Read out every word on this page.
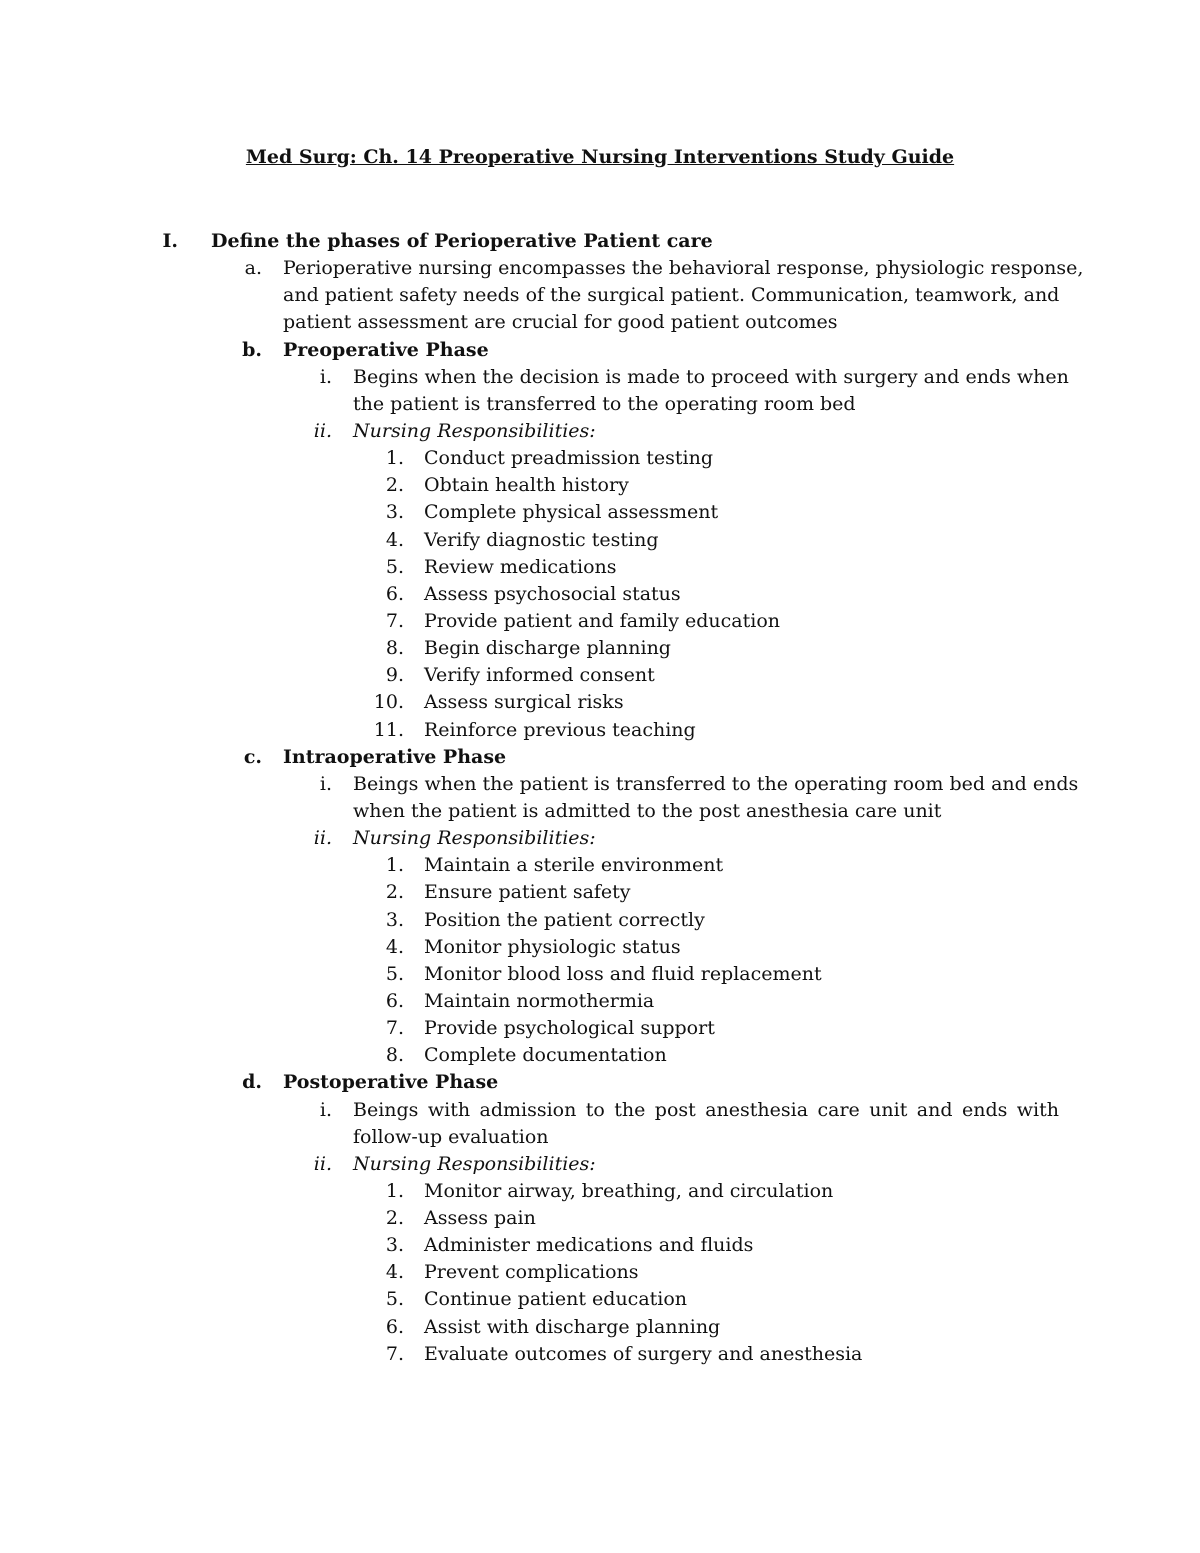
Med Surg: Ch. 14 Preoperative Nursing Interventions Study Guide
I. Define the phases of Perioperative Patient care
a. Perioperative nursing encompasses the behavioral response, physiologic response,
and patient safety needs of the surgical patient. Communication, teamwork, and
patient assessment are crucial for good patient outcomes
b. Preoperative Phase
i. Begins when the decision is made to proceed with surgery and ends when
the patient is transferred to the operating room bed
ii. Nursing Responsibilities:
1. Conduct preadmission testing
2. Obtain health history
3. Complete physical assessment
4. Verify diagnostic testing
5. Review medications
6. Assess psychosocial status
7. Provide patient and family education
8. Begin discharge planning
9. Verify informed consent
10. Assess surgical risks
11. Reinforce previous teaching
c. Intraoperative Phase
i. Beings when the patient is transferred to the operating room bed and ends
when the patient is admitted to the post anesthesia care unit
ii. Nursing Responsibilities:
1. Maintain a sterile environment
2. Ensure patient safety
3. Position the patient correctly
4. Monitor physiologic status
5. Monitor blood loss and fluid replacement
6. Maintain normothermia
7. Provide psychological support
8. Complete documentation
d. Postoperative Phase
i. Beings with admission to the post anesthesia care unit and ends with
follow-up evaluation
ii. Nursing Responsibilities:
1. Monitor airway, breathing, and circulation
2. Assess pain
3. Administer medications and fluids
4. Prevent complications
5. Continue patient education
6. Assist with discharge planning
7. Evaluate outcomes of surgery and anesthesia
